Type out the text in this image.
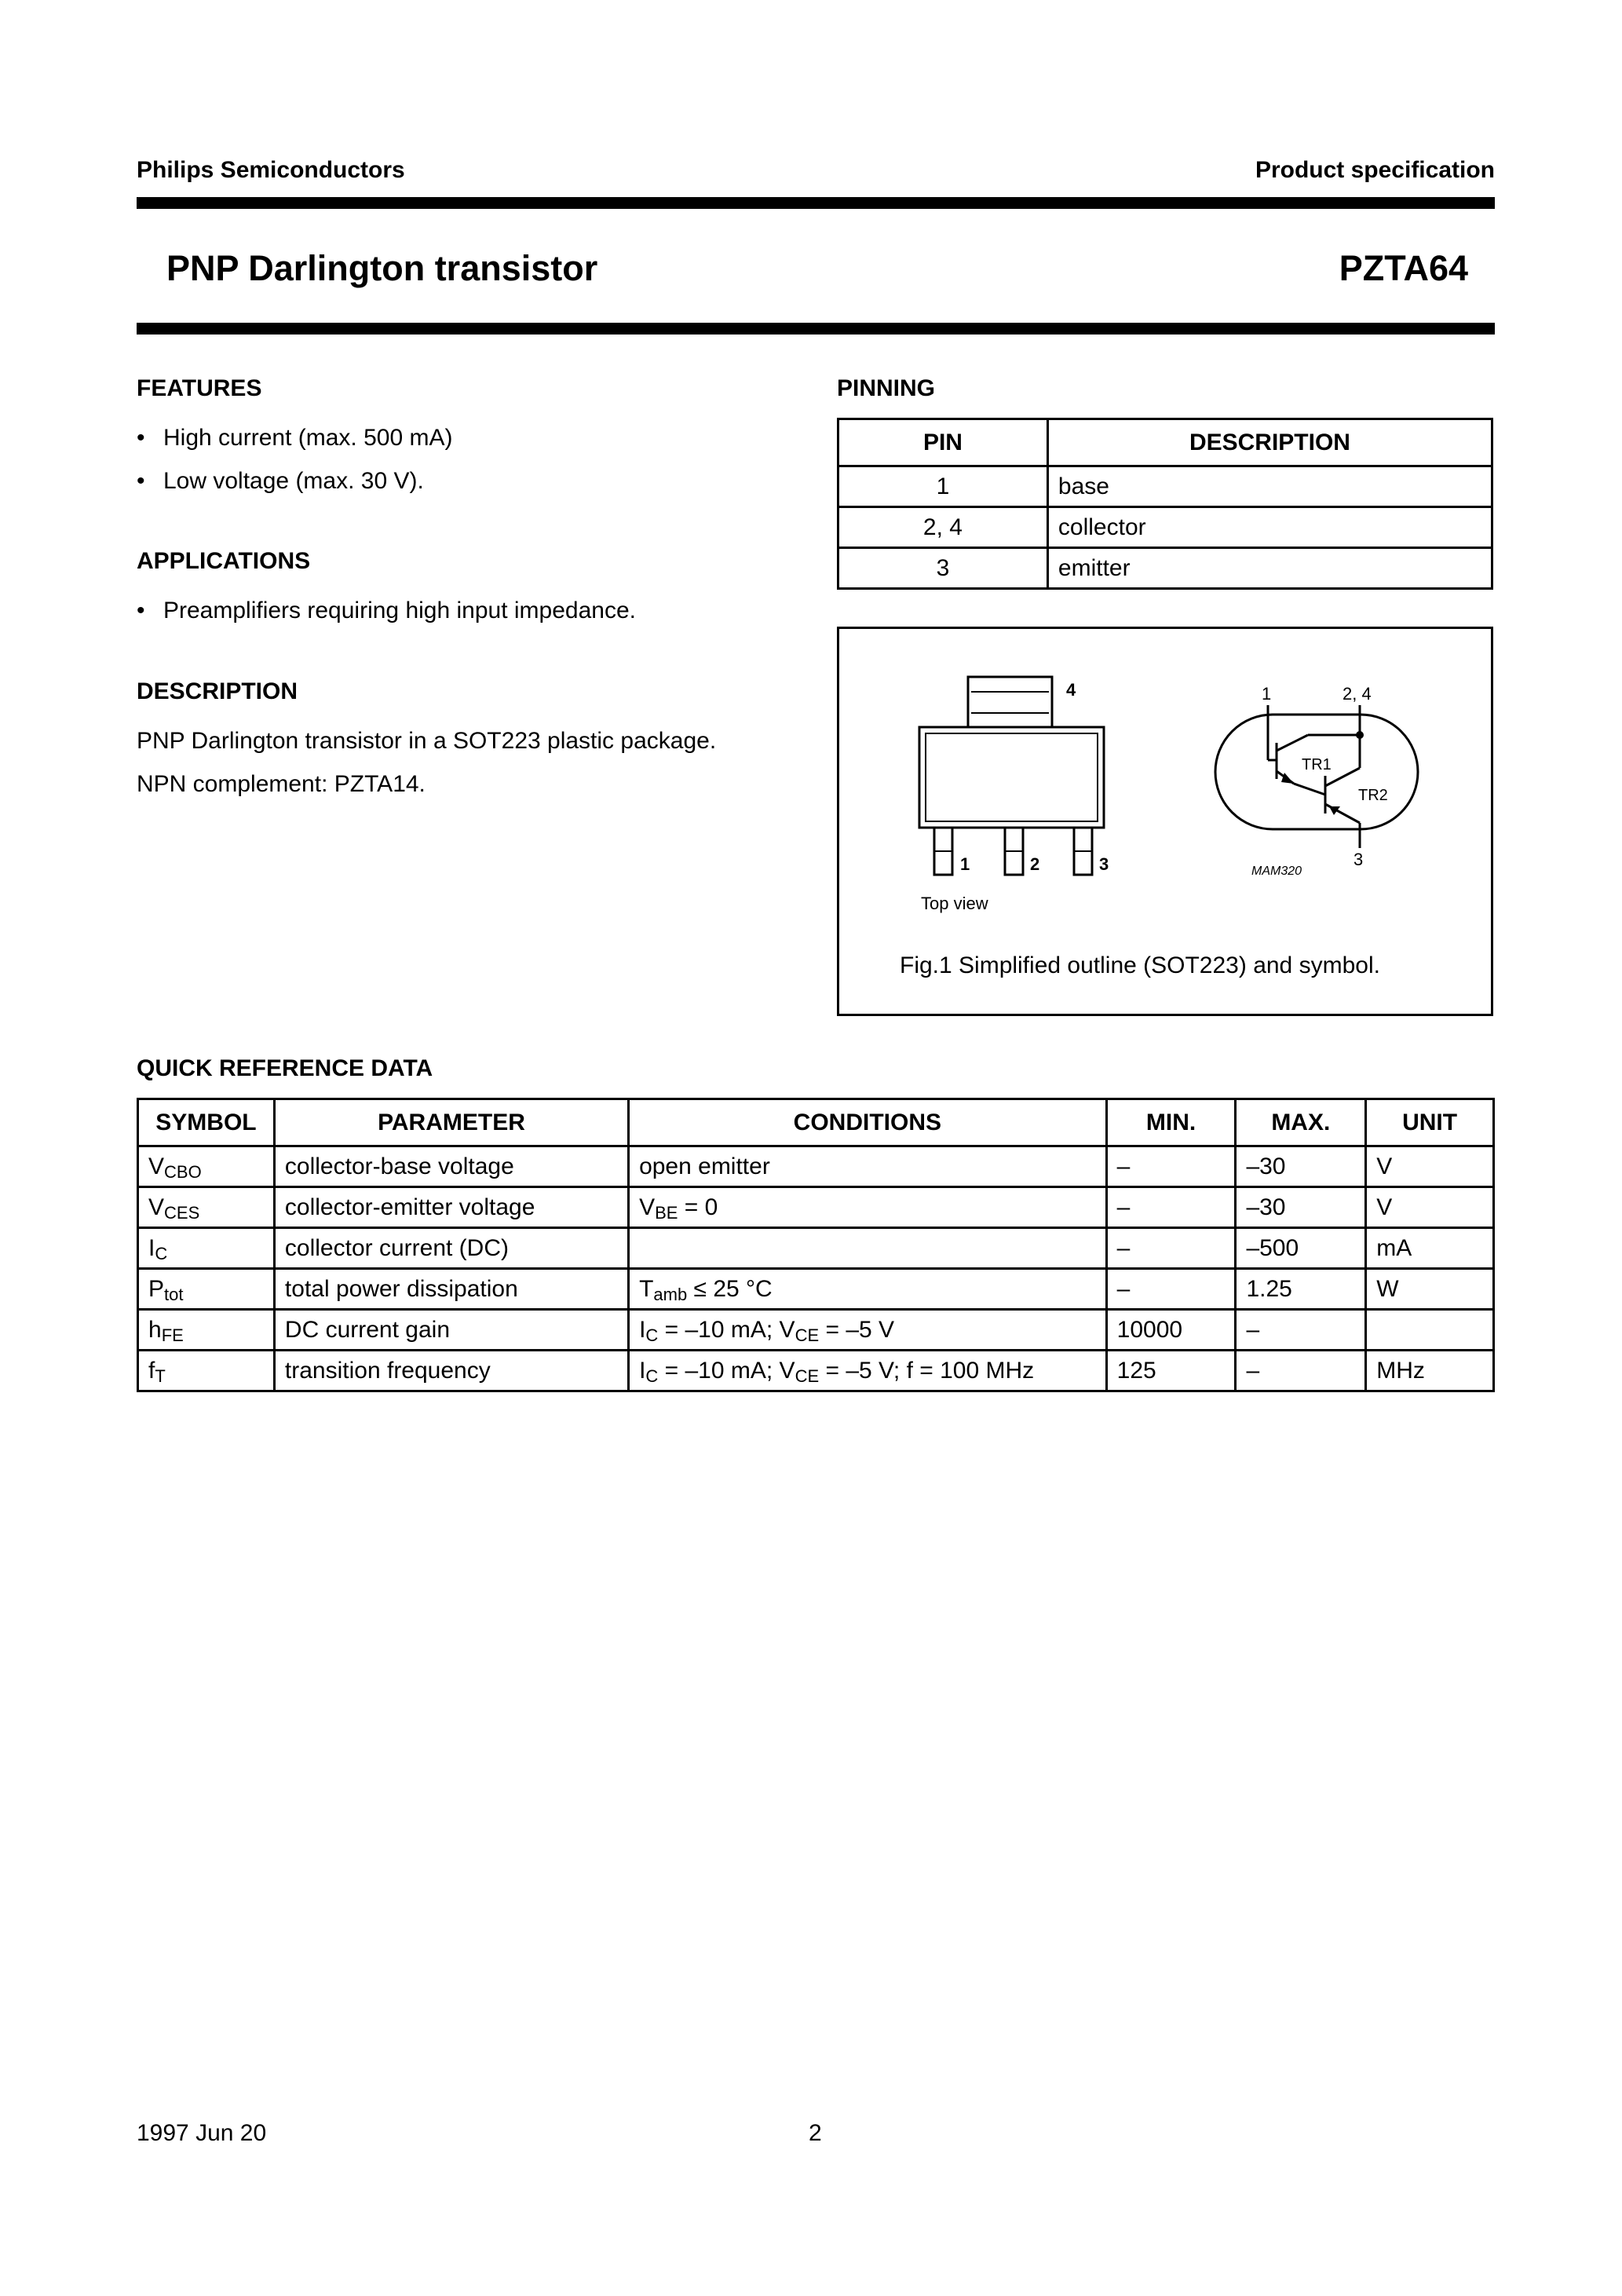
Philips Semiconductors	Product specification
PNP Darlington transistor	PZTA64
FEATURES
• High current (max. 500 mA)
• Low voltage (max. 30 V).
APPLICATIONS
• Preamplifiers requiring high input impedance.
DESCRIPTION
PNP Darlington transistor in a SOT223 plastic package.
NPN complement: PZTA14.
PINNING
PIN	DESCRIPTION
1	base
2, 4	collector
3	emitter
4
1	2	3
Top view
1	2, 4
3
TR1
TR2
MAM320
Fig.1 Simplified outline (SOT223) and symbol.
QUICK REFERENCE DATA
SYMBOL	PARAMETER	CONDITIONS	MIN.	MAX.	UNIT
$V_{CBO}$	collector-base voltage	open emitter	–	–30	V
$V_{CES}$	collector-emitter voltage	$V_{BE} = 0$	–	–30	V
$I_C$	collector current (DC)		–	–500	mA
$P_{tot}$	total power dissipation	$T_{amb} \le 25$ °C	–	1.25	W
$h_{FE}$	DC current gain	$I_C = -10$ mA; $V_{CE} = -5$ V	10000	–	
$f_T$	transition frequency	$I_C = -10$ mA; $V_{CE} = -5$ V; f = 100 MHz	125	–	MHz
1997 Jun 20	2
